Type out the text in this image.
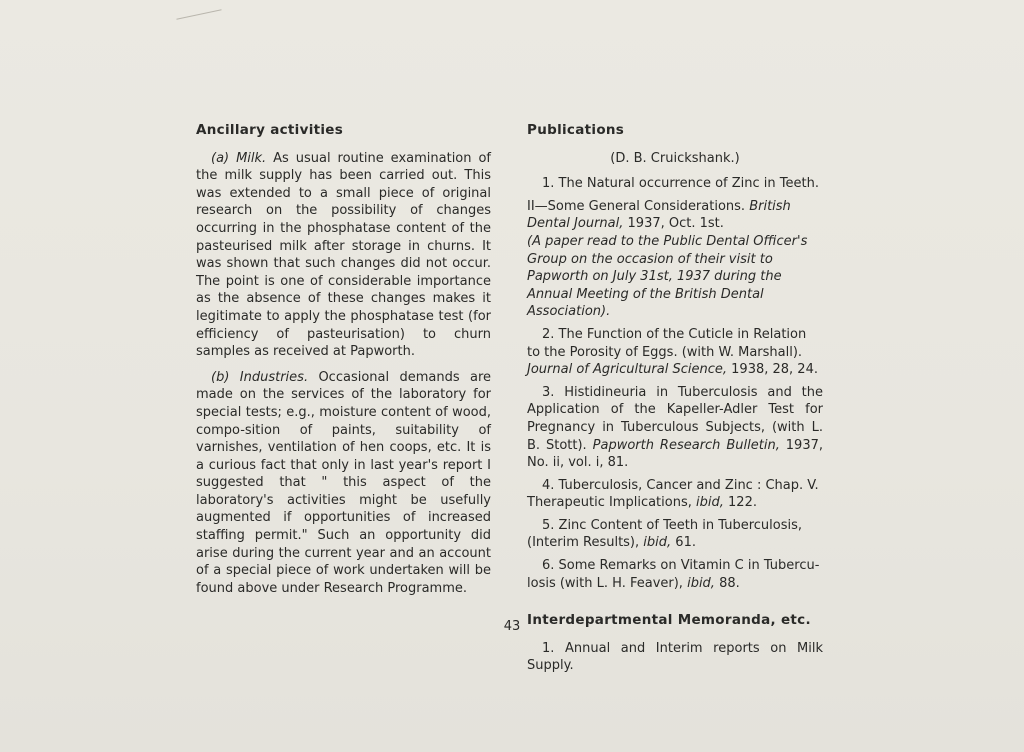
Ancillary activities

(a) Milk. As usual routine examination of the milk supply has been carried out. This was extended to a small piece of original research on the possibility of changes occurring in the phosphatase content of the pasteurised milk after storage in churns. It was shown that such changes did not occur. The point is one of considerable importance as the absence of these changes makes it legitimate to apply the phosphatase test (for efficiency of pasteurisation) to churn samples as received at Papworth.

(b) Industries. Occasional demands are made on the services of the laboratory for special tests; e.g., moisture content of wood, compo-sition of paints, suitability of varnishes, ventilation of hen coops, etc. It is a curious fact that only in last year's report I suggested that " this aspect of the laboratory's activities might be usefully augmented if opportunities of increased staffing permit." Such an opportunity did arise during the current year and an account of a special piece of work undertaken will be found above under Research Programme.

Publications

(D. B. Cruickshank.)

1. The Natural occurrence of Zinc in Teeth.

II—Some General Considerations. British Dental Journal, 1937, Oct. 1st.

(A paper read to the Public Dental Officer's Group on the occasion of their visit to Papworth on July 31st, 1937 during the Annual Meeting of the British Dental Association).

2. The Function of the Cuticle in Relation to the Porosity of Eggs. (with W. Marshall). Journal of Agricultural Science, 1938, 28, 24.

3. Histidineuria in Tuberculosis and the Application of the Kapeller-Adler Test for Pregnancy in Tuberculous Subjects, (with L. B. Stott). Papworth Research Bulletin, 1937, No. ii, vol. i, 81.

4. Tuberculosis, Cancer and Zinc : Chap. V. Therapeutic Implications, ibid, 122.

5. Zinc Content of Teeth in Tuberculosis, (Interim Results), ibid, 61.

6. Some Remarks on Vitamin C in Tubercu-losis (with L. H. Feaver), ibid, 88.

Interdepartmental Memoranda, etc.

1. Annual and Interim reports on Milk Supply.

43
